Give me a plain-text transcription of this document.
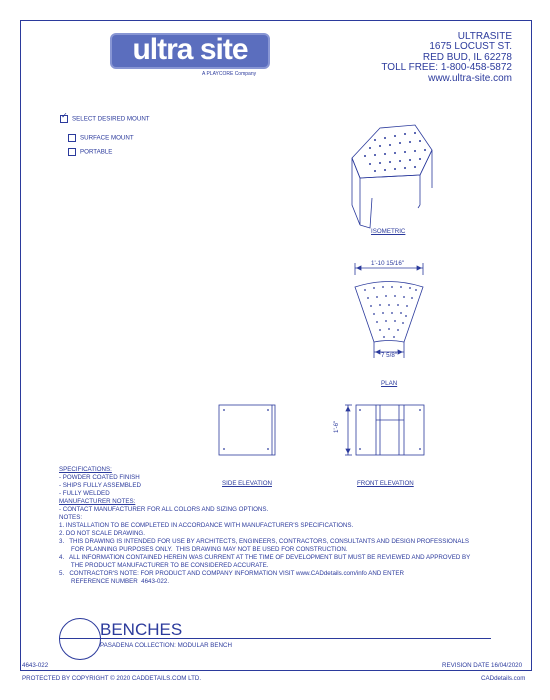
ultra site
A PLAYCORE Company
ULTRASITE
1675 LOCUST ST.
RED BUD, IL 62278
TOLL FREE: 1-800-458-5872
www.ultra-site.com
✓ SELECT DESIRED MOUNT
SURFACE MOUNT
PORTABLE
ISOMETRIC
1'-10 15/16"
7 5/8"
PLAN
1'-6"
SIDE ELEVATION	FRONT ELEVATION
SPECIFICATIONS:
- POWDER COATED FINISH
- SHIPS FULLY ASSEMBLED
- FULLY WELDED
MANUFACTURER NOTES:
- CONTACT MANUFACTURER FOR ALL COLORS AND SIZING OPTIONS.
NOTES:
1. INSTALLATION TO BE COMPLETED IN ACCORDANCE WITH MANUFACTURER'S SPECIFICATIONS.
2. DO NOT SCALE DRAWING.
3.   THIS DRAWING IS INTENDED FOR USE BY ARCHITECTS, ENGINEERS, CONTRACTORS, CONSULTANTS AND DESIGN PROFESSIONALS
FOR PLANNING PURPOSES ONLY.  THIS DRAWING MAY NOT BE USED FOR CONSTRUCTION.
4.   ALL INFORMATION CONTAINED HEREIN WAS CURRENT AT THE TIME OF DEVELOPMENT BUT MUST BE REVIEWED AND APPROVED BY
THE PRODUCT MANUFACTURER TO BE CONSIDERED ACCURATE.
5.   CONTRACTOR'S NOTE: FOR PRODUCT AND COMPANY INFORMATION VISIT www.CADdetails.com/info AND ENTER
REFERENCE NUMBER  4643-022.
BENCHES
PASADENA COLLECTION: MODULAR BENCH
4643-022	REVISION DATE 16/04/2020
PROTECTED BY COPYRIGHT © 2020 CADDETAILS.COM LTD.	CADdetails.com
